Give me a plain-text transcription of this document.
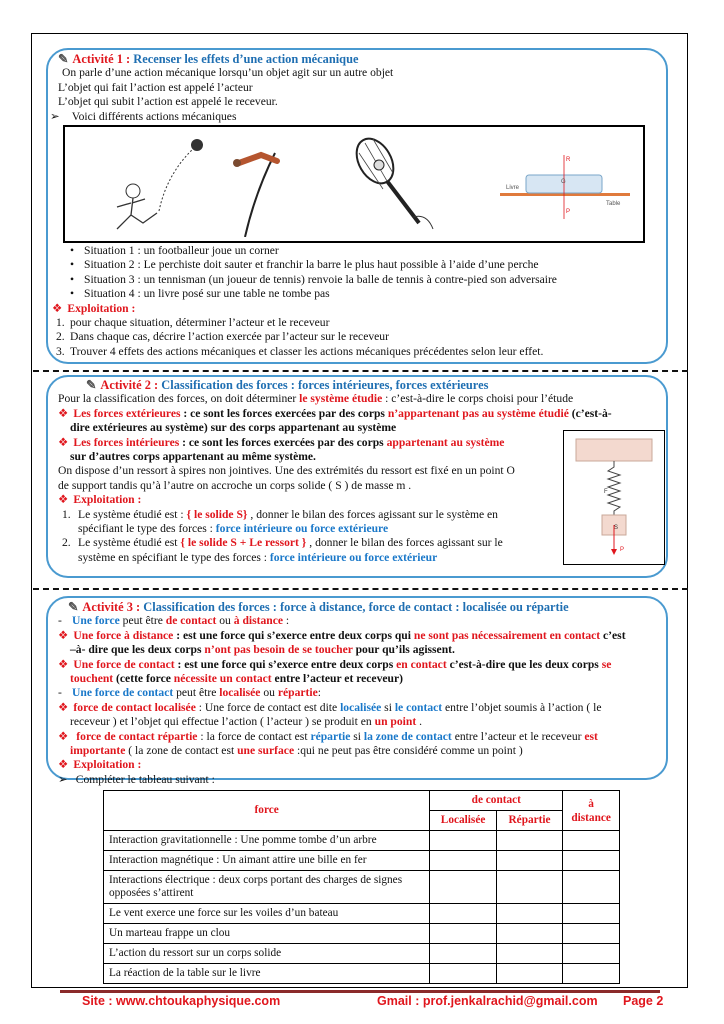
✎ Activité 1 : Recenser les effets d’une action mécanique
On parle d’une action mécanique lorsqu’un objet agit sur un autre objet
L’objet qui fait l’action est appelé l’acteur
L’objet qui subit l’action est appelé le receveur.
➢ Voici différents actions mécaniques
G
R
P
Livre
Table
• Situation 1 : un footballeur joue un corner
• Situation 2 : Le perchiste doit sauter et franchir la barre le plus haut possible à l’aide d’une perche
• Situation 3 : un tennisman (un joueur de tennis) renvoie la balle de tennis à contre-pied son adversaire
• Situation 4 : un livre posé sur une table ne tombe pas
❖ Exploitation :
1. pour chaque situation, déterminer l’acteur et le receveur
2. Dans chaque cas, décrire l’action exercée par l’acteur sur le receveur
3. Trouver 4 effets des actions mécaniques et classer les actions mécaniques précédentes selon leur effet.
✎ Activité 2 : Classification des forces : forces intérieures, forces extérieures
Pour la classification des forces, on doit déterminer le système étudie : c’est-à-dire le corps choisi pour l’étude
❖ Les forces extérieures : ce sont les forces exercées par des corps n’appartenant pas au système étudié (c’est-à-
dire extérieures au système) sur des corps appartenant au système
❖ Les forces intérieures : ce sont les forces exercées par des corps appartenant au système
sur d’autres corps appartenant au même système.
On dispose d’un ressort à spires non jointives. Une des extrémités du ressort est fixé en un point O
de support tandis qu’à l’autre on accroche un corps solide ( S ) de masse m .
❖ Exploitation :
1. Le système étudié est : { le solide S} , donner le bilan des forces agissant sur le système en
spécifiant le type des forces : force intérieure ou force extérieure
2. Le système étudié est { le solide S + Le ressort } , donner le bilan des forces agissant sur le
système en spécifiant le type des forces : force intérieure ou force extérieur
S
P
F
✎ Activité 3 : Classification des forces : force à distance, force de contact : localisée ou répartie
- Une force peut être de contact ou à distance :
❖ Une force à distance : est une force qui s’exerce entre deux corps qui ne sont pas nécessairement en contact c’est
–à- dire que les deux corps n’ont pas besoin de se toucher pour qu’ils agissent.
❖ Une force de contact : est une force qui s’exerce entre deux corps en contact c’est-à-dire que les deux corps se
touchent (cette force nécessite un contact entre l’acteur et receveur)
- Une force de contact peut être localisée ou répartie:
❖ force de contact localisée : Une force de contact est dite localisée si le contact entre l’objet soumis à l’action ( le
receveur ) et l’objet qui effectue l’action ( l’acteur ) se produit en un point .
❖ force de contact répartie : la force de contact est répartie si la zone de contact entre l’acteur et le receveur est
importante ( la zone de contact est une surface :qui ne peut pas être considéré comme un point )
❖ Exploitation :
➢ Compléter le tableau suivant :
force	de contact		à
distance
	Localisée	Répartie	
Interaction gravitationnelle : Une pomme tombe d’un arbre			
Interaction magnétique : Un aimant attire une bille en fer			
Interactions électrique : deux corps portant des charges de signes opposées s’attirent			
Le vent exerce une force sur les voiles d’un bateau			
Un marteau frappe un clou			
L’action du ressort sur un corps solide			
La réaction de la table sur le livre			
Site : www.chtoukaphysique.com	Gmail : prof.jenkalrachid@gmail.com Page 2
